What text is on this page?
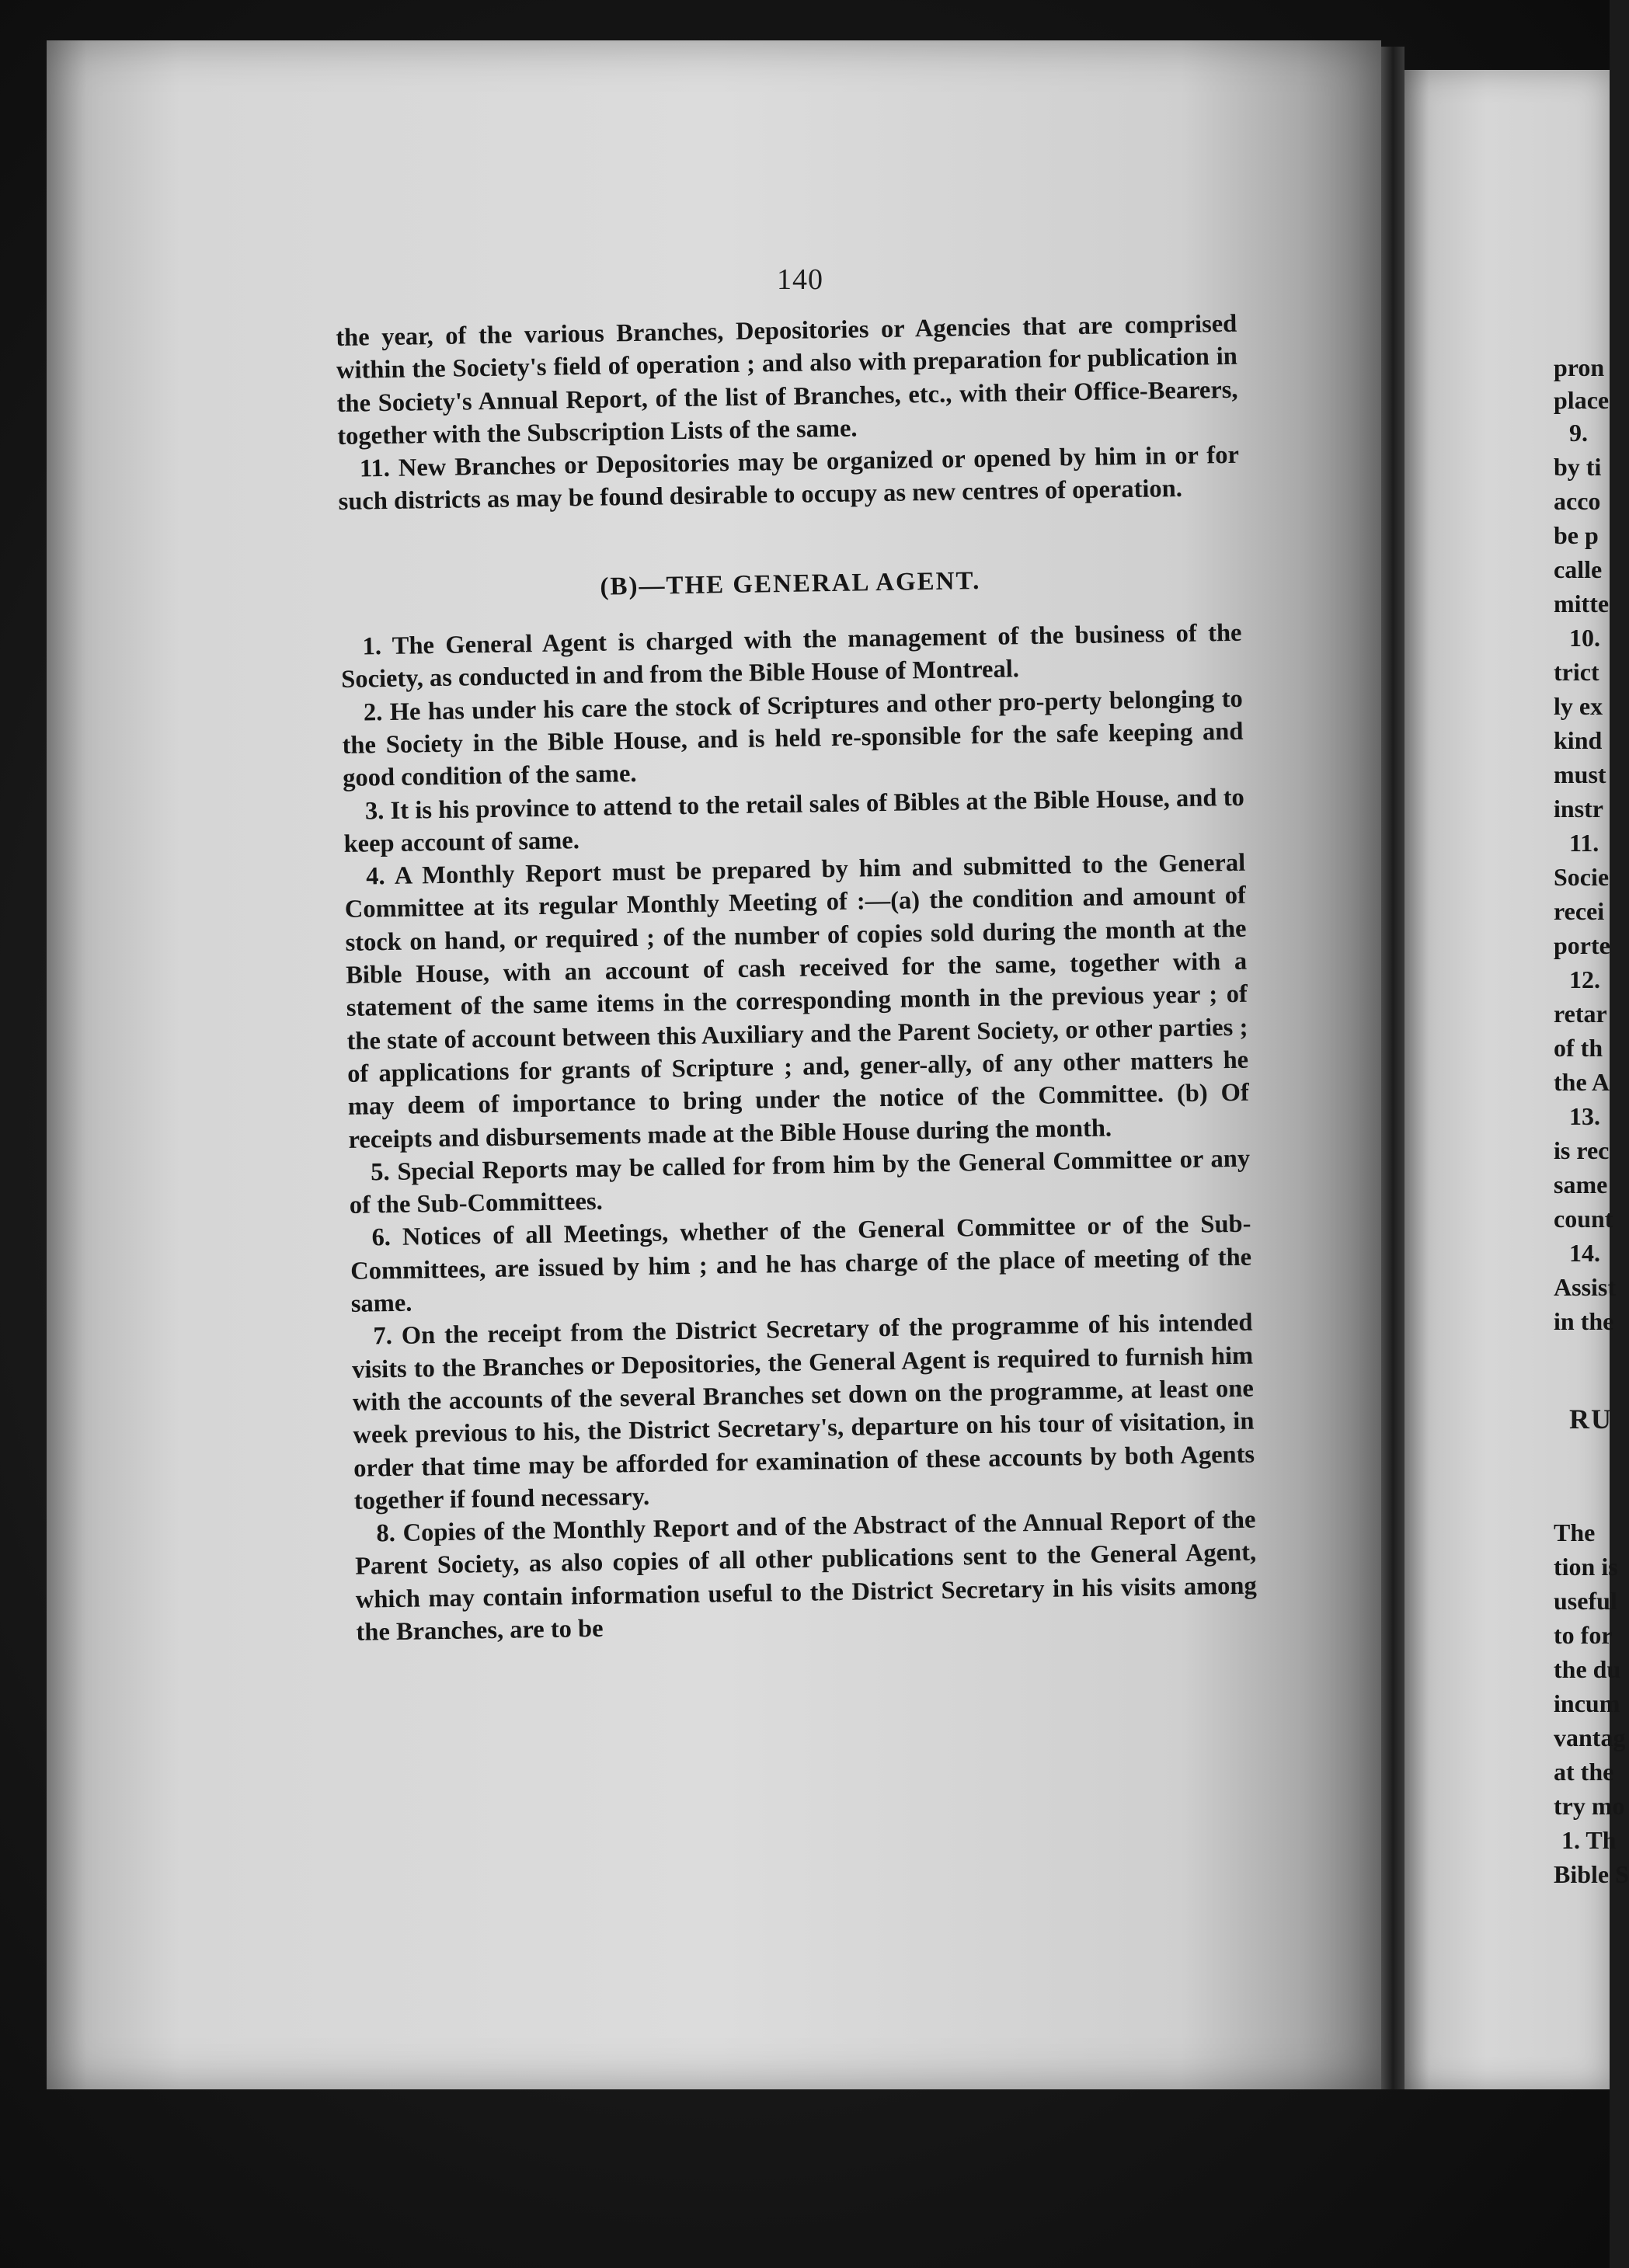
140

the year, of the various Branches, Depositories or Agencies that are comprised within the Society's field of operation ; and also with preparation for publication in the Society's Annual Report, of the list of Branches, etc., with their Office-Bearers, together with the Subscription Lists of the same.

11. New Branches or Depositories may be organized or opened by him in or for such districts as may be found desirable to occupy as new centres of operation.

(B)—THE GENERAL AGENT.

1. The General Agent is charged with the management of the business of the Society, as conducted in and from the Bible House of Montreal.

2. He has under his care the stock of Scriptures and other pro-perty belonging to the Society in the Bible House, and is held re-sponsible for the safe keeping and good condition of the same.

3. It is his province to attend to the retail sales of Bibles at the Bible House, and to keep account of same.

4. A Monthly Report must be prepared by him and submitted to the General Committee at its regular Monthly Meeting of :—(a) the condition and amount of stock on hand, or required ; of the number of copies sold during the month at the Bible House, with an account of cash received for the same, together with a statement of the same items in the corresponding month in the previous year ; of the state of account between this Auxiliary and the Parent Society, or other parties ; of applications for grants of Scripture ; and, gener-ally, of any other matters he may deem of importance to bring under the notice of the Committee. (b) Of receipts and disbursements made at the Bible House during the month.

5. Special Reports may be called for from him by the General Committee or any of the Sub-Committees.

6. Notices of all Meetings, whether of the General Committee or of the Sub-Committees, are issued by him ; and he has charge of the place of meeting of the same.

7. On the receipt from the District Secretary of the programme of his intended visits to the Branches or Depositories, the General Agent is required to furnish him with the accounts of the several Branches set down on the programme, at least one week previous to his, the District Secretary's, departure on his tour of visitation, in order that time may be afforded for examination of these accounts by both Agents together if found necessary.

8. Copies of the Monthly Report and of the Abstract of the Annual Report of the Parent Society, as also copies of all other publications sent to the General Agent, which may contain information useful to the District Secretary in his visits among the Branches, are to be

pron
place
9.
by ti
acco
be p
calle
mitte
10.
trict
ly ex
kind
must
instr
11.
Socie
recei
porte
12.
retar
of th
the A
13.
is rec
same
count
14.
Assist
in the
The
tion is
useful
to for
the du
incum
vantag
at the
try mo
1. Th
Bible S
RU
